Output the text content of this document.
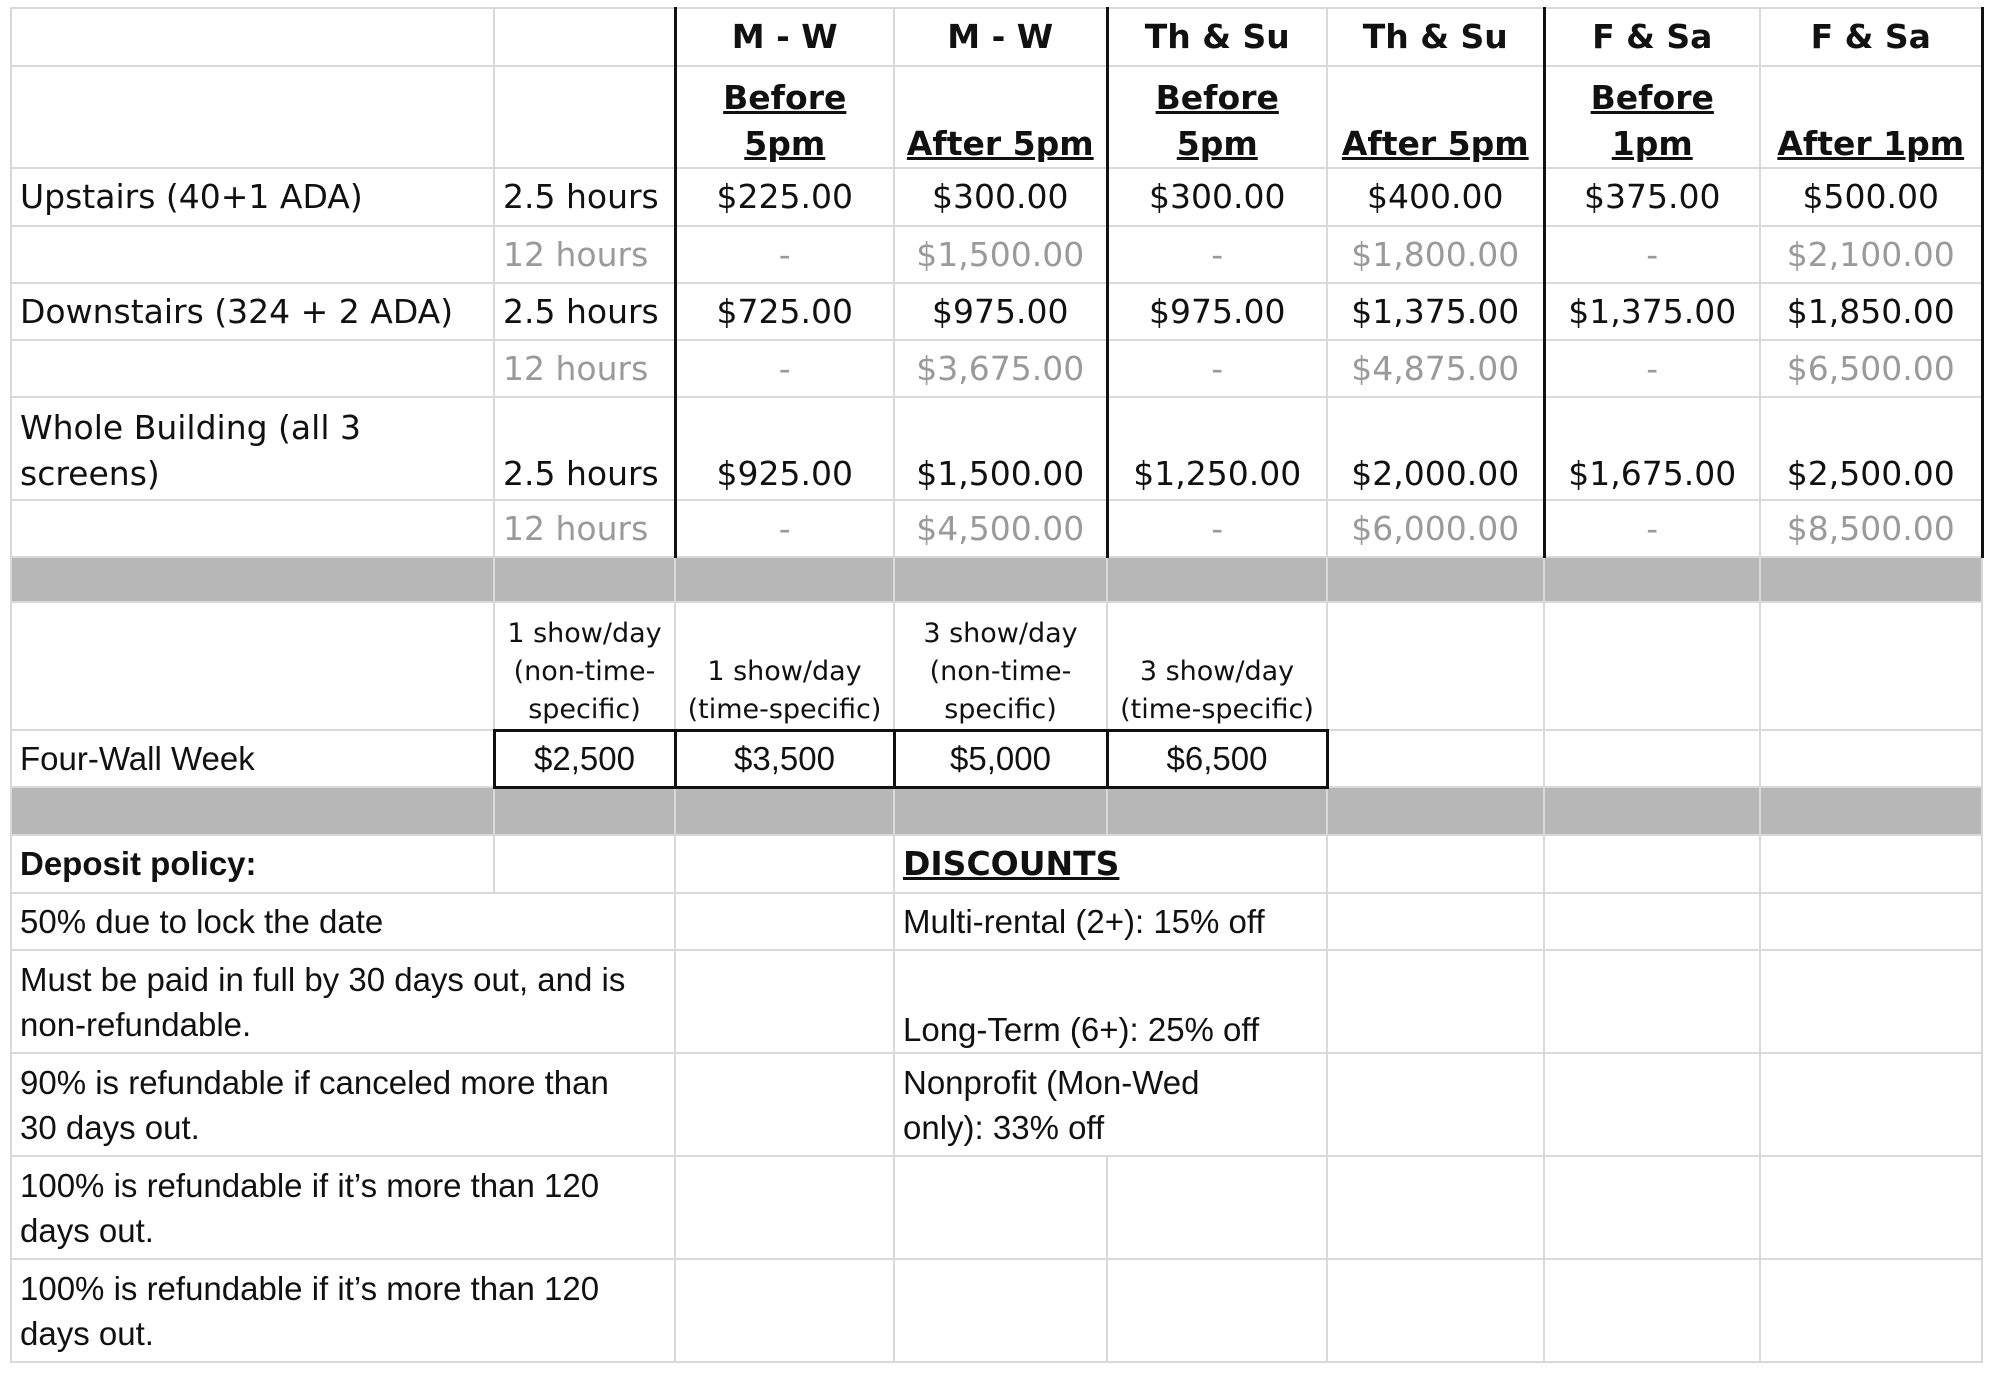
		M - W	M - W	Th & Su	Th & Su	F & Sa	F & Sa
		Before 5pm	After 5pm	Before 5pm	After 5pm	Before 1pm	After 1pm
Upstairs (40+1 ADA)	2.5 hours	$225.00	$300.00	$300.00	$400.00	$375.00	$500.00
	12 hours	-	$1,500.00	-	$1,800.00	-	$2,100.00
Downstairs (324 + 2 ADA)	2.5 hours	$725.00	$975.00	$975.00	$1,375.00	$1,375.00	$1,850.00
	12 hours	-	$3,675.00	-	$4,875.00	-	$6,500.00
Whole Building (all 3 screens)	2.5 hours	$925.00	$1,500.00	$1,250.00	$2,000.00	$1,675.00	$2,500.00
	12 hours	-	$4,500.00	-	$6,000.00	-	$8,500.00

	1 show/day (non-time-specific)	1 show/day (time-specific)	3 show/day (non-time-specific)	3 show/day (time-specific)			
Four-Wall Week	$2,500	$3,500	$5,000	$6,500			

Deposit policy:			DISCOUNTS				
50% due to lock the date			Multi-rental (2+): 15% off				
Must be paid in full by 30 days out, and is non-refundable.			Long-Term (6+): 25% off				
90% is refundable if canceled more than 30 days out.			Nonprofit (Mon-Wed only): 33% off				
100% is refundable if it’s more than 120 days out.							
100% is refundable if it’s more than 120 days out.							
